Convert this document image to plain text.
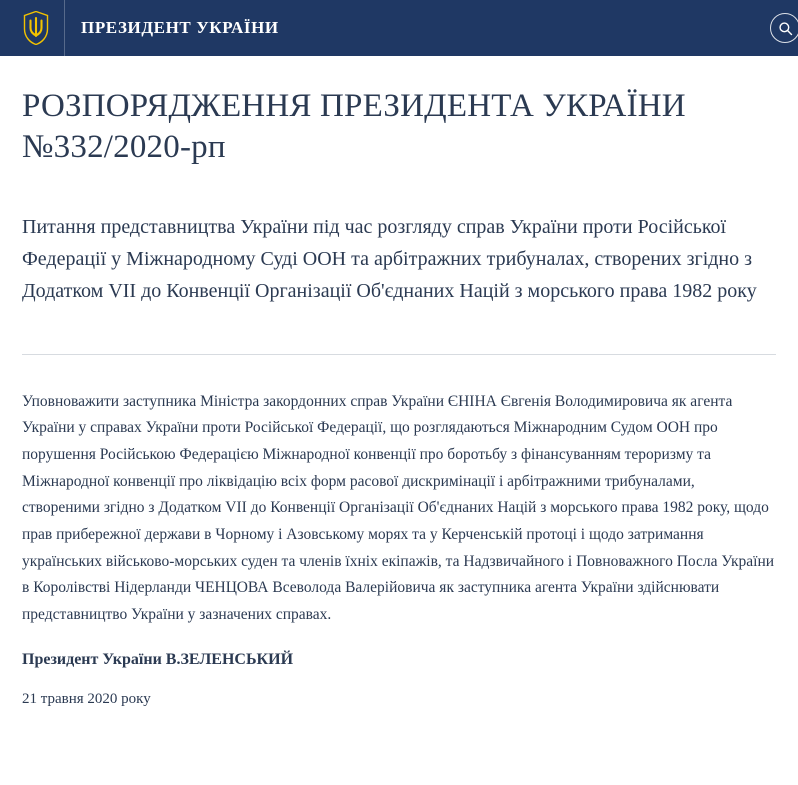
ПРЕЗИДЕНТ УКРАЇНИ
РОЗПОРЯДЖЕННЯ ПРЕЗИДЕНТА УКРАЇНИ №332/2020-рп

Питання представництва України під час розгляду справ України проти Російської Федерації у Міжнародному Суді ООН та арбітражних трибуналах, створених згідно з Додатком VII до Конвенції Організації Об'єднаних Націй з морського права 1982 року

Уповноважити заступника Міністра закордонних справ України ЄНІНА Євгенія Володимировича як агента України у справах України проти Російської Федерації, що розглядаються Міжнародним Судом ООН про порушення Російською Федерацією Міжнародної конвенції про боротьбу з фінансуванням тероризму та Міжнародної конвенції про ліквідацію всіх форм расової дискримінації і арбітражними трибуналами, створеними згідно з Додатком VII до Конвенції Організації Об'єднаних Націй з морського права 1982 року, щодо прав прибережної держави в Чорному і Азовському морях та у Керченській протоці і щодо затримання українських військово-морських суден та членів їхніх екіпажів, та Надзвичайного і Повноважного Посла України в Королівстві Нідерланди ЧЕНЦОВА Всеволода Валерійовича як заступника агента України здійснювати представництво України у зазначених справах.

Президент України В.ЗЕЛЕНСЬКИЙ

21 травня 2020 року
